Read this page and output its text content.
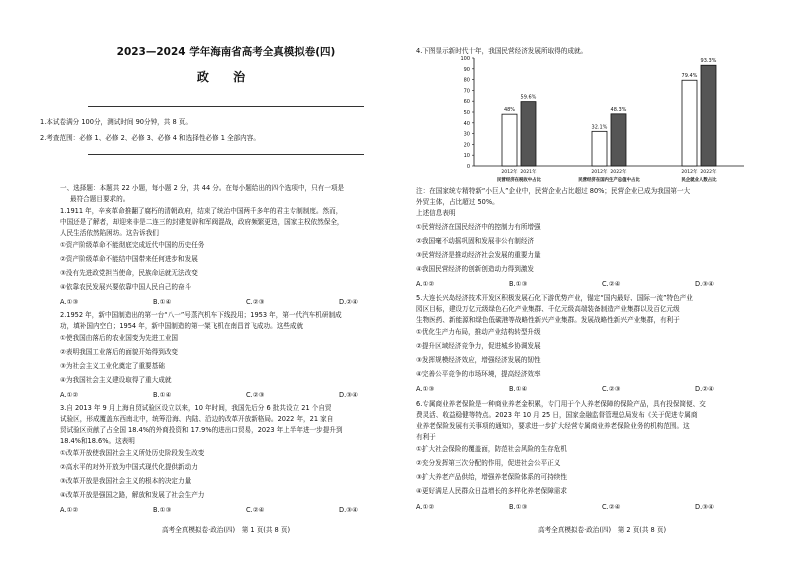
2023—2024 学年海南省高考全真模拟卷(四)
政 治
1.本试卷满分 100分，测试时间 90分钟，共 8 页。
2.考查范围：必修 1、必修 2、必修 3、必修 4 和选择性必修 1 全部内容。
一、选择题：本题共 22 小题，每小题 2 分，共 44 分。在每小题给出的四个选项中，只有一项是
最符合题目要求的。
1.1911 年，辛亥革命推翻了腐朽的清朝政府，结束了统治中国两千多年的君主专制制度。然而，
中国还是了解者，却迎来非是二连三的封建复辟和军阀混战，政府频繁更迭，国家主权依然保全，
人民生活依然陷困坊。这告诉我们
①资产阶级革命不能彻底完成近代中国的历史任务
②资产阶级革命不能结中国带来任何进步和发展
③没有先进政党担当使命，民族命运就无法改变
④依靠农民发展兴要依靠中国人民自己的奋斗
A.①③	B.①④	C.②③	D.②④
2.1952 年，新中国制造出的第一台“八一”号蒸汽机车下线投用；1953 年，第一代汽车机研制成
功，填补国内空白；1954 年，新中国制造的第一架飞机在南昌首飞成功。这些成就
①使我国由落后的农业国变为先进工业国
②表明我国工业落后的面貌开始得到改变
③为社会主义工业化奠定了重要基础
④为我国社会主义建设取得了重大成就
A.①②	B.①④	C.②③	D.③④
3.自 2013 年 9 月上海自贸试验区设立以来，10 年时间，我国先后分 6 批共设立 21 个自贸
试验区，形成覆盖东西南北中，统筹沿海、内陆、沿边的改革开放新格局。2022 年，21 家自
贸试验区贡献了占全国 18.4%的外商投资和 17.9%的进出口贸易，2023 年上半年进一步提升到
18.4%和18.6%。这表明
①改革开放使我国社会主义所处历史阶段发生改变
②高水平的对外开放为中国式现代化提供新动力
③改革开放是我国社会主义的根本的决定力量
④改革开放是强国之路，解放和发展了社会生产力
A.①②	B.①③	C.②④	D.③④
高考全真模拟卷·政治(四)　第 1 页(共 8 页)
4.下图显示新时代十年，我国民营经济发展所取得的成就。
0
10
20
30
40
50
60
70
80
90
100
48%
2012年
59.6%
2021年
民营经济在税收中占比
32.1%
2012年
48.3%
2022年
民营经济在国内生产总值中占比
79.4%
2012年
93.3%
2022年
民企就业人数占比
注：在国家统专精特新“小巨人”企业中，民营企业占比超过 80%；民营企业已成为我国第一大
外贸主体，占比超过 50%。
上述信息表明
①民营经济在国民经济中的控制力有所增强
②我国毫不动摇巩固和发展非公有制经济
③民营经济是推动经济社会发展的重要力量
④我国民营经济的创新创造动力得到激发
A.①②	B.①③	C.②④	D.③④
5.大连长兴岛经济技术开发区积极发展石化下游优势产业，锚定“国内最好、国际一流”特色产业
园区目标，建设万亿元级绿色石化产业集群、千亿元级高端装备制造产业集群以及百亿元级
生物医药、新能源和绿色低碳港等战略性新兴产业集群。发展战略性新兴产业集群，有利于
①优化生产力布局，推动产业结构转型升级
②提升区域经济竞争力，促进城乡协调发展
③发挥规模经济效应，增强经济发展的韧性
④完善公平竞争的市场环境，提高经济效率
A.①③	B.①④	C.②③	D.②④
6.专属商业养老保险是一种商业养老金积累，专门用于个人养老保障的保险产品，具有投保简便、交
费灵活、收益稳健等特点。2023 年 10 月 25 日，国家金融监督管理总局发布《关于促进专属商
业养老保险发展有关事项的通知》，要求进一步扩大经营专属商业养老保险业务的机构范围。这
有利于
①扩大社会保险的覆盖面，防范社会风险的生存危机
②充分发挥第三次分配的作用，促进社会公平正义
③扩大养老产品供给，增强养老保险体系的可持续性
④更好满足人民群众日益增长的多样化养老保障需求
A.①②	B.①③	C.②④	D.③④
高考全真模拟卷·政治(四)　第 2 页(共 8 页)
